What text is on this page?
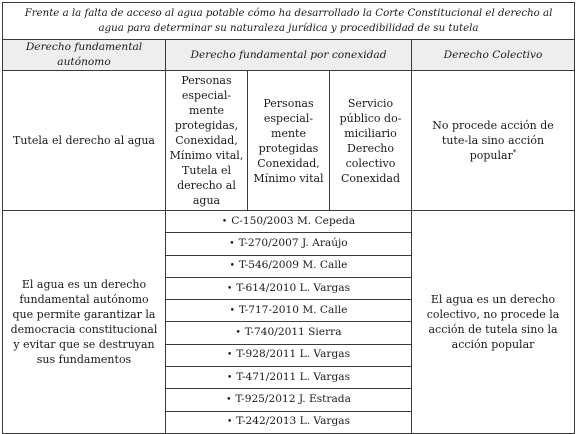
Frente a la falta de acceso al agua potable cómo ha desarrollado la Corte Constitucional el derecho al agua para determinar su naturaleza jurídica y procedibilidad de su tutela				
Derecho fundamental autónomo	Derecho fundamental por conexidad			Derecho Colectivo
Tutela el derecho al agua	Personas especial-mente protegidas, Conexidad, Mínimo vital, Tutela el derecho al agua	Personas especial-mente protegidas Conexidad, Mínimo vital	Servicio público do-miciliario Derecho colectivo Conexidad	No procede acción de tute-la sino acción popular*
El agua es un derecho fundamental autónomo que permite garantizar la democracia constitucional y evitar que se destruyan sus fundamentos	• C-150/2003 M. Cepeda			El agua es un derecho colectivo, no procede la acción de tutela sino la acción popular
	• T-270/2007 J. Araújo			
	• T-546/2009 M. Calle			
	• T-614/2010 L. Vargas			
	• T-717-2010 M. Calle			
	• T-740/2011 Sierra			
	• T-928/2011 L. Vargas			
	• T-471/2011 L. Vargas			
	• T-925/2012 J. Estrada			
	• T-242/2013 L. Vargas			
